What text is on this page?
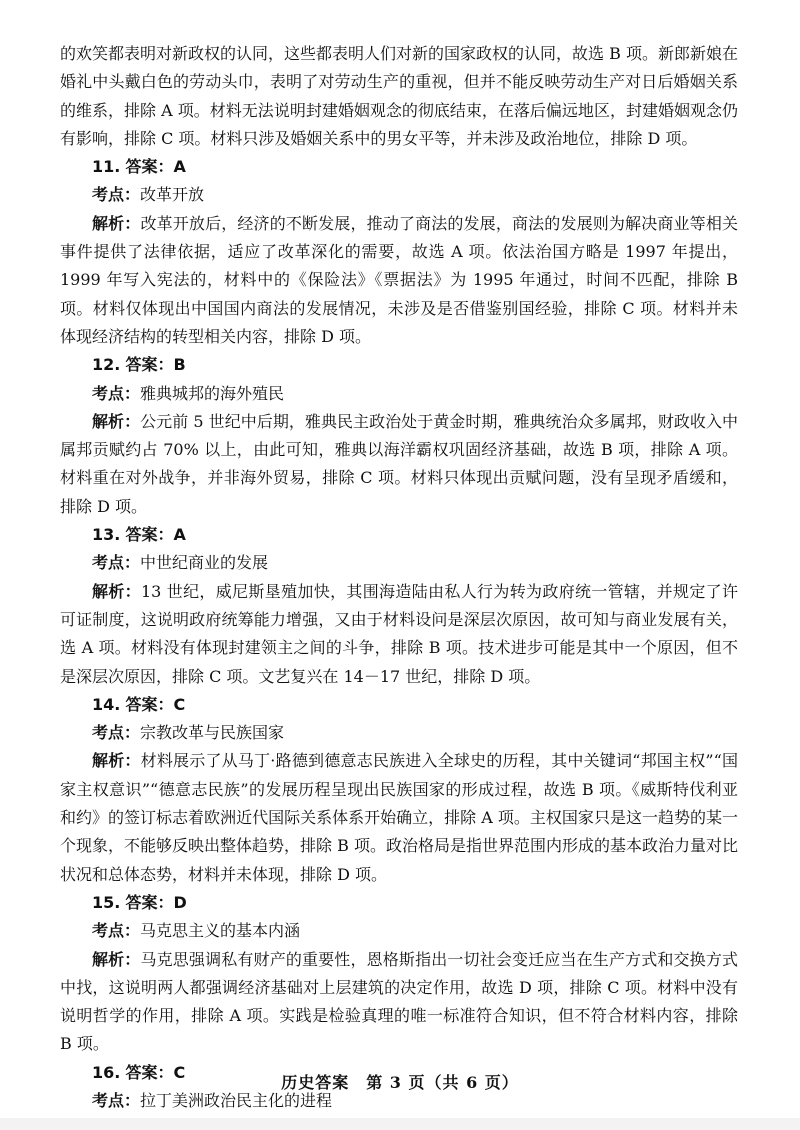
的欢笑都表明对新政权的认同，这些都表明人们对新的国家政权的认同，故选 B 项。新郎新娘在婚礼中头戴白色的劳动头巾，表明了对劳动生产的重视，但并不能反映劳动生产对日后婚姻关系的维系，排除 A 项。材料无法说明封建婚姻观念的彻底结束，在落后偏远地区，封建婚姻观念仍有影响，排除 C 项。材料只涉及婚姻关系中的男女平等，并未涉及政治地位，排除 D 项。

11. 答案：A

考点：改革开放

解析：改革开放后，经济的不断发展，推动了商法的发展，商法的发展则为解决商业等相关事件提供了法律依据，适应了改革深化的需要，故选 A 项。依法治国方略是 1997 年提出，1999 年写入宪法的，材料中的《保险法》《票据法》为 1995 年通过，时间不匹配，排除 B 项。材料仅体现出中国国内商法的发展情况，未涉及是否借鉴别国经验，排除 C 项。材料并未体现经济结构的转型相关内容，排除 D 项。

12. 答案：B

考点：雅典城邦的海外殖民

解析：公元前 5 世纪中后期，雅典民主政治处于黄金时期，雅典统治众多属邦，财政收入中属邦贡赋约占 70% 以上，由此可知，雅典以海洋霸权巩固经济基础，故选 B 项，排除 A 项。材料重在对外战争，并非海外贸易，排除 C 项。材料只体现出贡赋问题，没有呈现矛盾缓和，排除 D 项。

13. 答案：A

考点：中世纪商业的发展

解析：13 世纪，威尼斯垦殖加快，其围海造陆由私人行为转为政府统一管辖，并规定了许可证制度，这说明政府统筹能力增强，又由于材料设问是深层次原因，故可知与商业发展有关，选 A 项。材料没有体现封建领主之间的斗争，排除 B 项。技术进步可能是其中一个原因，但不是深层次原因，排除 C 项。文艺复兴在 14－17 世纪，排除 D 项。

14. 答案：C

考点：宗教改革与民族国家

解析：材料展示了从马丁·路德到德意志民族进入全球史的历程，其中关键词“邦国主权”“国家主权意识”“德意志民族”的发展历程呈现出民族国家的形成过程，故选 B 项。《威斯特伐利亚和约》的签订标志着欧洲近代国际关系体系开始确立，排除 A 项。主权国家只是这一趋势的某一个现象，不能够反映出整体趋势，排除 B 项。政治格局是指世界范围内形成的基本政治力量对比状况和总体态势，材料并未体现，排除 D 项。

15. 答案：D

考点：马克思主义的基本内涵

解析：马克思强调私有财产的重要性，恩格斯指出一切社会变迁应当在生产方式和交换方式中找，这说明两人都强调经济基础对上层建筑的决定作用，故选 D 项，排除 C 项。材料中没有说明哲学的作用，排除 A 项。实践是检验真理的唯一标准符合知识，但不符合材料内容，排除 B 项。

16. 答案：C

考点：拉丁美洲政治民主化的进程

历史答案　第 3 页（共 6 页）
